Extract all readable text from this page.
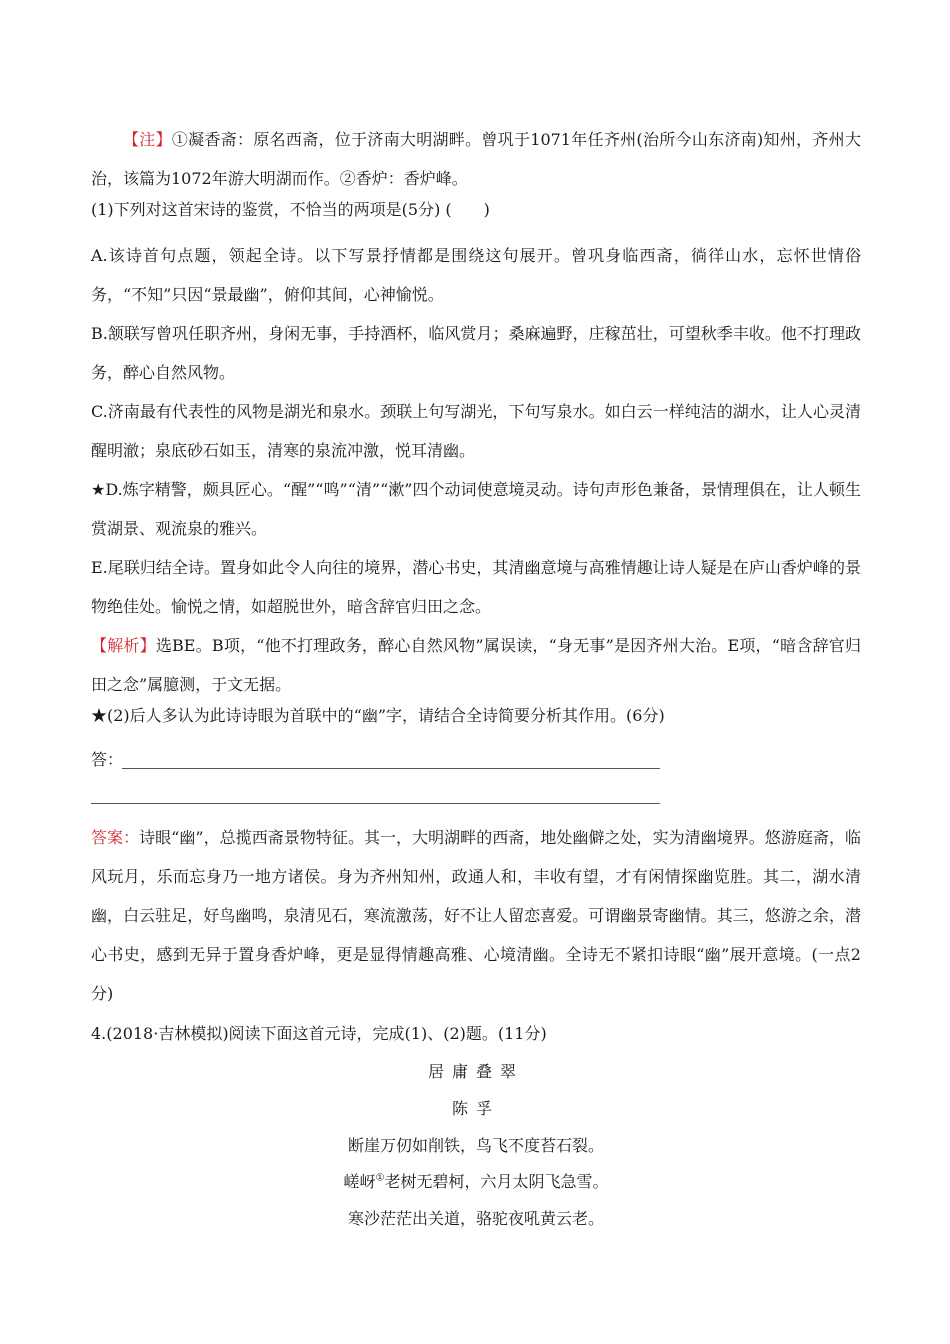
【注】①凝香斋：原名西斋，位于济南大明湖畔。曾巩于1071年任齐州(治所今山东济南)知州，齐州大治，该篇为1072年游大明湖而作。②香炉：香炉峰。

(1)下列对这首宋诗的鉴赏，不恰当的两项是(5分) (　　)

A.该诗首句点题，领起全诗。以下写景抒情都是围绕这句展开。曾巩身临西斋，徜徉山水，忘怀世情俗务，“不知”只因“景最幽”，俯仰其间，心神愉悦。

B.颔联写曾巩任职齐州，身闲无事，手持酒杯，临风赏月；桑麻遍野，庄稼茁壮，可望秋季丰收。他不打理政务，醉心自然风物。

C.济南最有代表性的风物是湖光和泉水。颈联上句写湖光，下句写泉水。如白云一样纯洁的湖水，让人心灵清醒明澈；泉底砂石如玉，清寒的泉流冲激，悦耳清幽。

★D.炼字精警，颇具匠心。“醒”“鸣”“清”“漱”四个动词使意境灵动。诗句声形色兼备，景情理俱在，让人顿生赏湖景、观流泉的雅兴。

E.尾联归结全诗。置身如此令人向往的境界，潜心书史，其清幽意境与高雅情趣让诗人疑是在庐山香炉峰的景物绝佳处。愉悦之情，如超脱世外，暗含辞官归田之念。

【解析】选BE。B项，“他不打理政务，醉心自然风物”属误读，“身无事”是因齐州大治。E项，“暗含辞官归田之念”属臆测，于文无据。

★(2)后人多认为此诗诗眼为首联中的“幽”字，请结合全诗简要分析其作用。(6分)

答：

答案：诗眼“幽”，总揽西斋景物特征。其一，大明湖畔的西斋，地处幽僻之处，实为清幽境界。悠游庭斋，临风玩月，乐而忘身乃一地方诸侯。身为齐州知州，政通人和，丰收有望，才有闲情探幽览胜。其二，湖水清幽，白云驻足，好鸟幽鸣，泉清见石，寒流激荡，好不让人留恋喜爱。可谓幽景寄幽情。其三，悠游之余，潜心书史，感到无异于置身香炉峰，更是显得情趣高雅、心境清幽。全诗无不紧扣诗眼“幽”展开意境。(一点2分)

4.(2018·吉林模拟)阅读下面这首元诗，完成(1)、(2)题。(11分)

居庸叠翠

陈孚

断崖万仞如削铁，鸟飞不度苔石裂。

嵯岈①老树无碧柯，六月太阴飞急雪。

寒沙茫茫出关道，骆驼夜吼黄云老。
